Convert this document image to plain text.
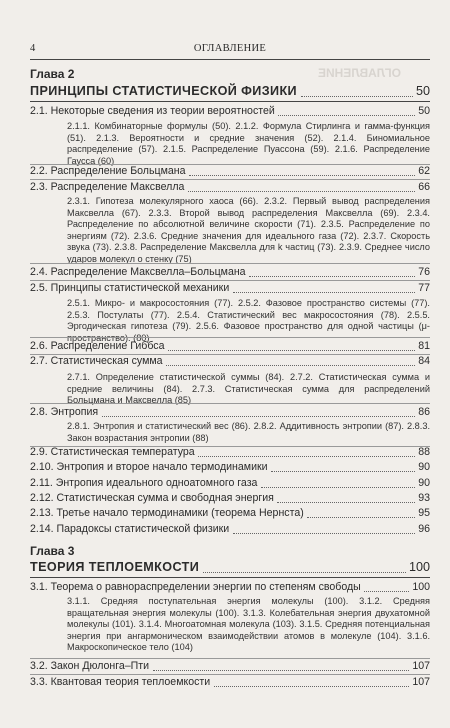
ОГЛАВЛЕНИЕ
4	ОГЛАВЛЕНИЕ
Глава 2
ПРИНЦИПЫ СТАТИСТИЧЕСКОЙ ФИЗИКИ	50
2.1. Некоторые сведения из теории вероятностей	50
2.1.1. Комбинаторные формулы (50). 2.1.2. Формула Стирлинга и гамма-функция (51). 2.1.3. Вероятности и средние значения (52). 2.1.4. Биномиальное распределение (57). 2.1.5. Распределение Пуассона (59). 2.1.6. Распределение Гаусса (60)
2.2. Распределение Больцмана	62
2.3. Распределение Максвелла	66
2.3.1. Гипотеза молекулярного хаоса (66). 2.3.2. Первый вывод распределения Максвелла (67). 2.3.3. Второй вывод распределения Максвелла (69). 2.3.4. Распределение по абсолютной величине скорости (71). 2.3.5. Распределение по энергиям (72). 2.3.6. Средние значения для идеального газа (72). 2.3.7. Скорость звука (73). 2.3.8. Распределение Максвелла для k частиц (73). 2.3.9. Среднее число ударов молекул о стенку (75)
2.4. Распределение Максвелла–Больцмана	76
2.5. Принципы статистической механики	77
2.5.1. Микро- и макросостояния (77). 2.5.2. Фазовое пространство системы (77). 2.5.3. Постулаты (77). 2.5.4. Статистический вес макросостояния (78). 2.5.5. Эргодическая гипотеза (79). 2.5.6. Фазовое пространство для одной частицы (μ-пространство). (80)
2.6. Распределение Гиббса	81
2.7. Статистическая сумма	84
2.7.1. Определение статистической суммы (84). 2.7.2. Статистическая сумма и средние величины (84). 2.7.3. Статистическая сумма для распределений Больцмана и Максвелла (85)
2.8. Энтропия	86
2.8.1. Энтропия и статистический вес (86). 2.8.2. Аддитивность энтропии (87). 2.8.3. Закон возрастания энтропии (88)
2.9. Статистическая температура	88
2.10. Энтропия и второе начало термодинамики	90
2.11. Энтропия идеального одноатомного газа	90
2.12. Статистическая сумма и свободная энергия	93
2.13. Третье начало термодинамики (теорема Нернста)	95
2.14. Парадоксы статистической физики	96
Глава 3
ТЕОРИЯ ТЕПЛОЕМКОСТИ	100
3.1. Теорема о равнораспределении энергии по степеням свободы	100
3.1.1. Средняя поступательная энергия молекулы (100). 3.1.2. Средняя вращательная энергия молекулы (100). 3.1.3. Колебательная энергия двухатомной молекулы (101). 3.1.4. Многоатомная молекула (103). 3.1.5. Средняя потенциальная энергия при ангармоническом взаимодействии атомов в молекуле (104). 3.1.6. Макроскопическое тело (104)
3.2. Закон Дюлонга–Пти	107
3.3. Квантовая теория теплоемкости	107
